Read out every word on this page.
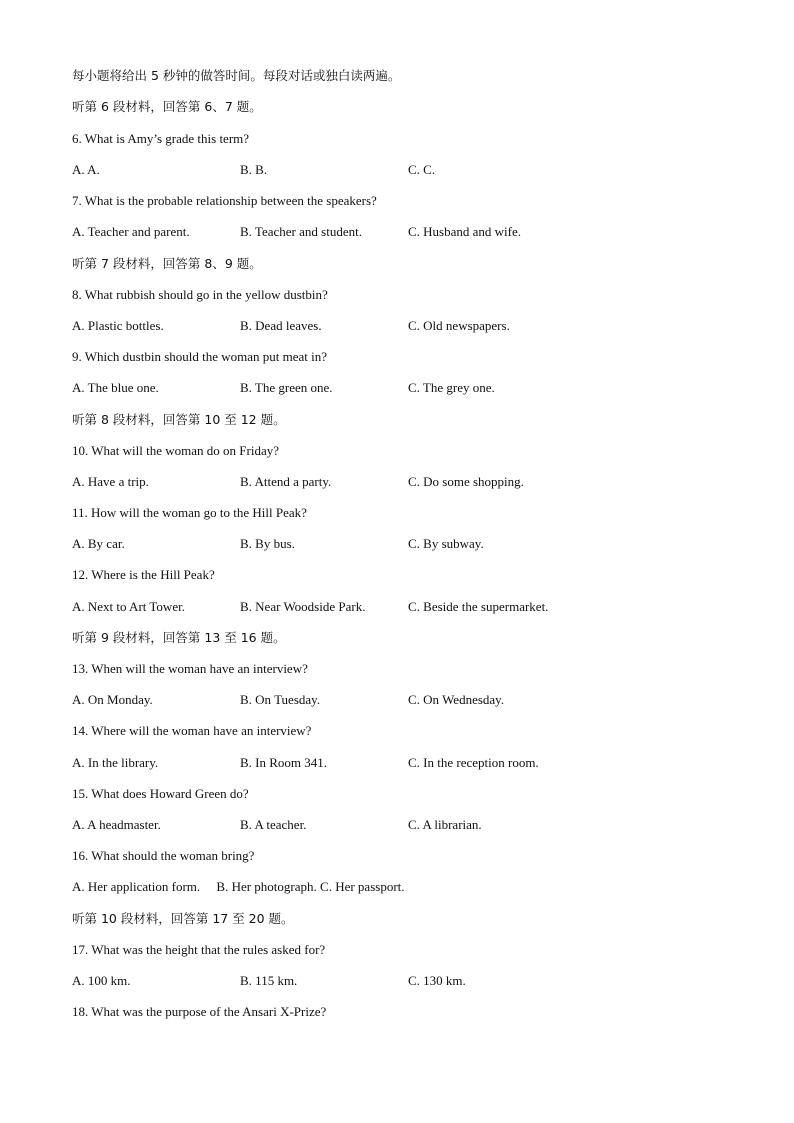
每小题将给出 5 秒钟的做答时间。每段对话或独白读两遍。
听第 6 段材料，回答第 6、7 题。
6. What is Amy’s grade this term?
A. A.	B. B.	C. C.
7. What is the probable relationship between the speakers?
A. Teacher and parent.	B. Teacher and student.	C. Husband and wife.
听第 7 段材料，回答第 8、9 题。
8. What rubbish should go in the yellow dustbin?
A. Plastic bottles.	B. Dead leaves.	C. Old newspapers.
9. Which dustbin should the woman put meat in?
A. The blue one.	B. The green one.	C. The grey one.
听第 8 段材料，回答第 10 至 12 题。
10. What will the woman do on Friday?
A. Have a trip.	B. Attend a party.	C. Do some shopping.
11. How will the woman go to the Hill Peak?
A. By car.	B. By bus.	C. By subway.
12. Where is the Hill Peak?
A. Next to Art Tower.	B. Near Woodside Park.	C. Beside the supermarket.
听第 9 段材料，回答第 13 至 16 题。
13. When will the woman have an interview?
A. On Monday.	B. On Tuesday.	C. On Wednesday.
14. Where will the woman have an interview?
A. In the library.	B. In Room 341.	C. In the reception room.
15. What does Howard Green do?
A. A headmaster.	B. A teacher.	C. A librarian.
16. What should the woman bring?
A. Her application form.     B. Her photograph. C. Her passport.
听第 10 段材料，回答第 17 至 20 题。
17. What was the height that the rules asked for?
A. 100 km.	B. 115 km.	C. 130 km.
18. What was the purpose of the Ansari X-Prize?
